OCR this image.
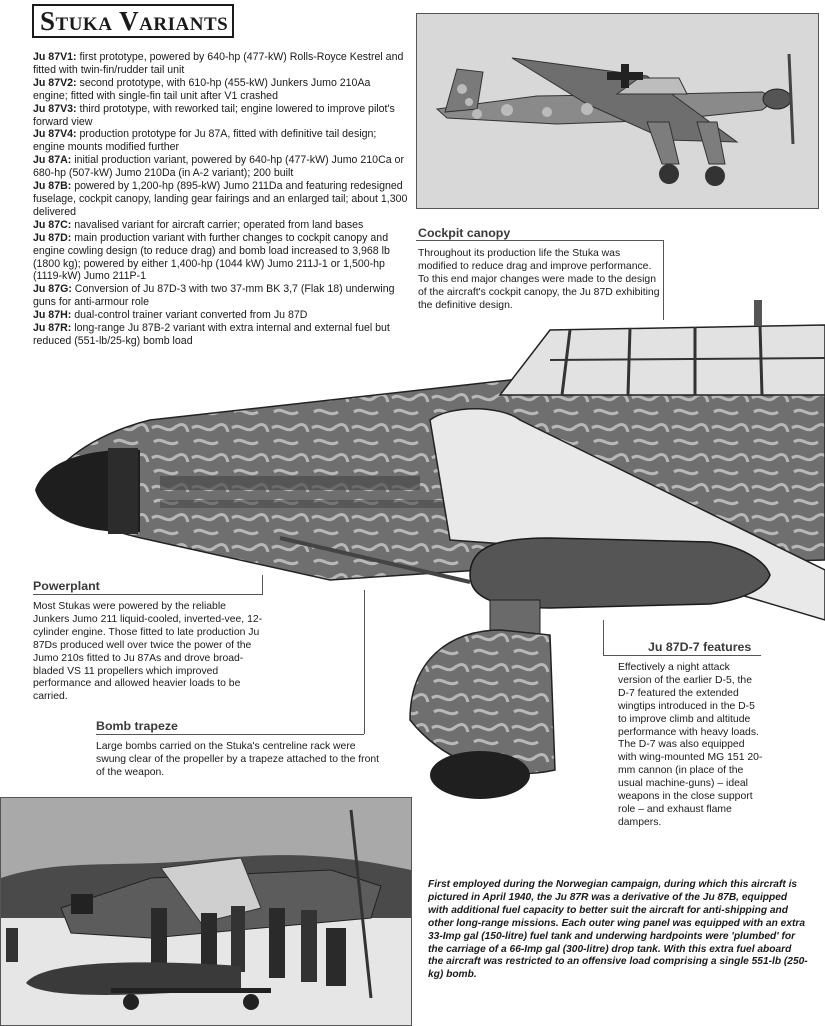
Stuka Variants

Ju 87V1: first prototype, powered by 640-hp (477-kW) Rolls-Royce Kestrel and fitted with twin-fin/rudder tail unit

Ju 87V2: second prototype, with 610-hp (455-kW) Junkers Jumo 210Aa engine; fitted with single-fin tail unit after V1 crashed

Ju 87V3: third prototype, with reworked tail; engine lowered to improve pilot's forward view

Ju 87V4: production prototype for Ju 87A, fitted with definitive tail design; engine mounts modified further

Ju 87A: initial production variant, powered by 640-hp (477-kW) Jumo 210Ca or 680-hp (507-kW) Jumo 210Da (in A-2 variant); 200 built

Ju 87B: powered by 1,200-hp (895-kW) Jumo 211Da and featuring redesigned fuselage, cockpit canopy, landing gear fairings and an enlarged tail; about 1,300 delivered

Ju 87C: navalised variant for aircraft carrier; operated from land bases

Ju 87D: main production variant with further changes to cockpit canopy and engine cowling design (to reduce drag) and bomb load increased to 3,968 lb (1800 kg); powered by either 1,400-hp (1044 kW) Jumo 211J-1 or 1,500-hp (1119-kW) Jumo 211P-1

Ju 87G: Conversion of Ju 87D-3 with two 37-mm BK 3,7 (Flak 18) underwing guns for anti-armour role

Ju 87H: dual-control trainer variant converted from Ju 87D

Ju 87R: long-range Ju 87B-2 variant with extra internal and external fuel but reduced (551-lb/25-kg) bomb load

Cockpit canopy
Throughout its production life the Stuka was modified to reduce drag and improve performance. To this end major changes were made to the design of the aircraft's cockpit canopy, the Ju 87D exhibiting the definitive design.
Powerplant
Most Stukas were powered by the reliable Junkers Jumo 211 liquid-cooled, inverted-vee, 12-cylinder engine. Those fitted to late production Ju 87Ds produced well over twice the power of the Jumo 210s fitted to Ju 87As and drove broad-bladed VS 11 propellers which improved performance and allowed heavier loads to be carried.
Bomb trapeze
Large bombs carried on the Stuka's centreline rack were swung clear of the propeller by a trapeze attached to the front of the weapon.
Ju 87D-7 features
Effectively a night attack version of the earlier D-5, the D-7 featured the extended wingtips introduced in the D-5 to improve climb and altitude performance with heavy loads. The D-7 was also equipped with wing-mounted MG 151 20-mm cannon (in place of the usual machine-guns) – ideal weapons in the close support role – and exhaust flame dampers.
First employed during the Norwegian campaign, during which this aircraft is pictured in April 1940, the Ju 87R was a derivative of the Ju 87B, equipped with additional fuel capacity to better suit the aircraft for anti-shipping and other long-range missions. Each outer wing panel was equipped with an extra 33-Imp gal (150-litre) fuel tank and underwing hardpoints were 'plumbed' for the carriage of a 66-Imp gal (300-litre) drop tank. With this extra fuel aboard the aircraft was restricted to an offensive load comprising a single 551-lb (250-kg) bomb.
